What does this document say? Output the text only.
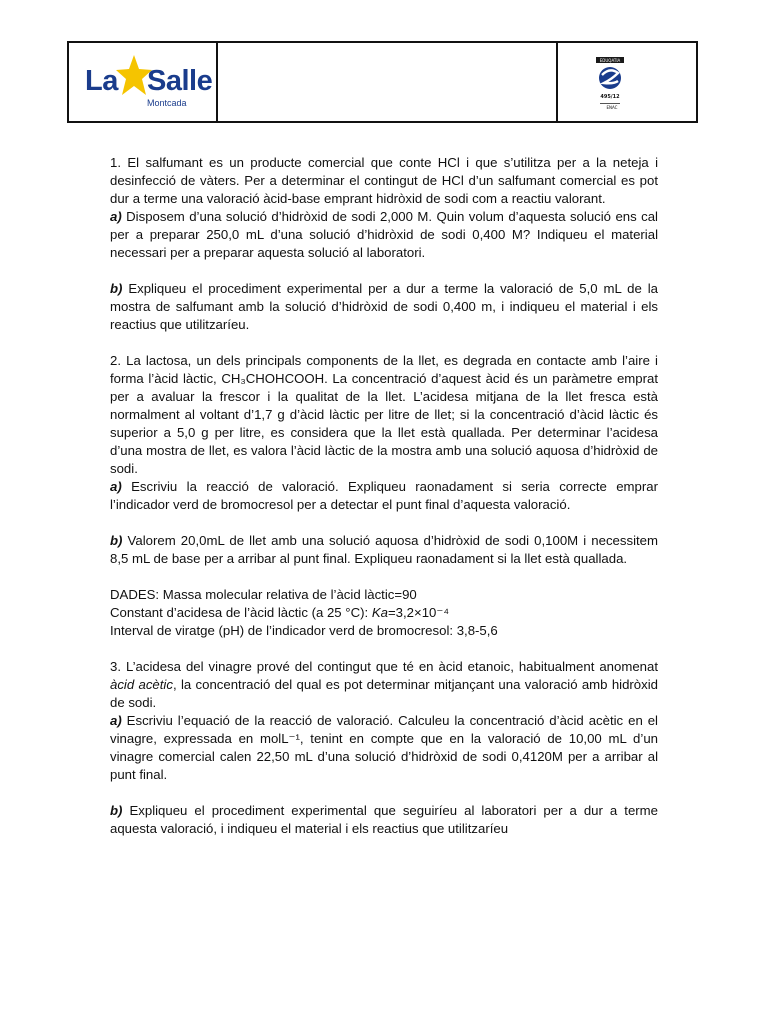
La Salle
Montcada
EDUQATIA
495/12
ENAC

1. El salfumant es un producte comercial que conte HCl i que s’utilitza per a la neteja i desinfecció de vàters. Per a determinar el contingut de HCl d’un salfumant comercial es pot dur a terme una valoració àcid-base emprant hidròxid de sodi com a reactiu valorant.

a) Disposem d’una solució d’hidròxid de sodi 2,000 M. Quin volum d’aquesta solució ens cal per a preparar 250,0 mL d’una solució d’hidròxid de sodi 0,400 M? Indiqueu el material necessari per a preparar aquesta solució al laboratori.

b) Expliqueu el procediment experimental per a dur a terme la valoració de 5,0 mL de la mostra de salfumant amb la solució d’hidròxid de sodi 0,400 m, i indiqueu el material i els reactius que utilitzaríeu.

2. La lactosa, un dels principals components de la llet, es degrada en contacte amb l’aire i forma l’àcid làctic, CH₃CHOHCOOH. La concentració d’aquest àcid és un paràmetre emprat per a avaluar la frescor i la qualitat de la llet. L’acidesa mitjana de la llet fresca està normalment al voltant d’1,7 g d’àcid làctic per litre de llet; si la concentració d’àcid làctic és superior a 5,0 g per litre, es considera que la llet està quallada. Per determinar l’acidesa d’una mostra de llet, es valora l’àcid làctic de la mostra amb una solució aquosa d’hidròxid de sodi.

a) Escriviu la reacció de valoració. Expliqueu raonadament si seria correcte emprar l’indicador verd de bromocresol per a detectar el punt final d’aquesta valoració.

b) Valorem 20,0mL de llet amb una solució aquosa d’hidròxid de sodi 0,100M i necessitem 8,5 mL de base per a arribar al punt final. Expliqueu raonadament si la llet està quallada.

DADES: Massa molecular relativa de l’àcid làctic=90

Constant d’acidesa de l’àcid làctic (a 25 °C): Ka=3,2×10⁻⁴

Interval de viratge (pH) de l’indicador verd de bromocresol: 3,8-5,6

3. L’acidesa del vinagre prové del contingut que té en àcid etanoic, habitualment anomenat àcid acètic, la concentració del qual es pot determinar mitjançant una valoració amb hidròxid de sodi.

a) Escriviu l’equació de la reacció de valoració. Calculeu la concentració d’àcid acètic en el vinagre, expressada en molL⁻¹, tenint en compte que en la valoració de 10,00 mL d’un vinagre comercial calen 22,50 mL d’una solució d’hidròxid de sodi 0,4120M per a arribar al punt final.

b) Expliqueu el procediment experimental que seguiríeu al laboratori per a dur a terme aquesta valoració, i indiqueu el material i els reactius que utilitzaríeu
